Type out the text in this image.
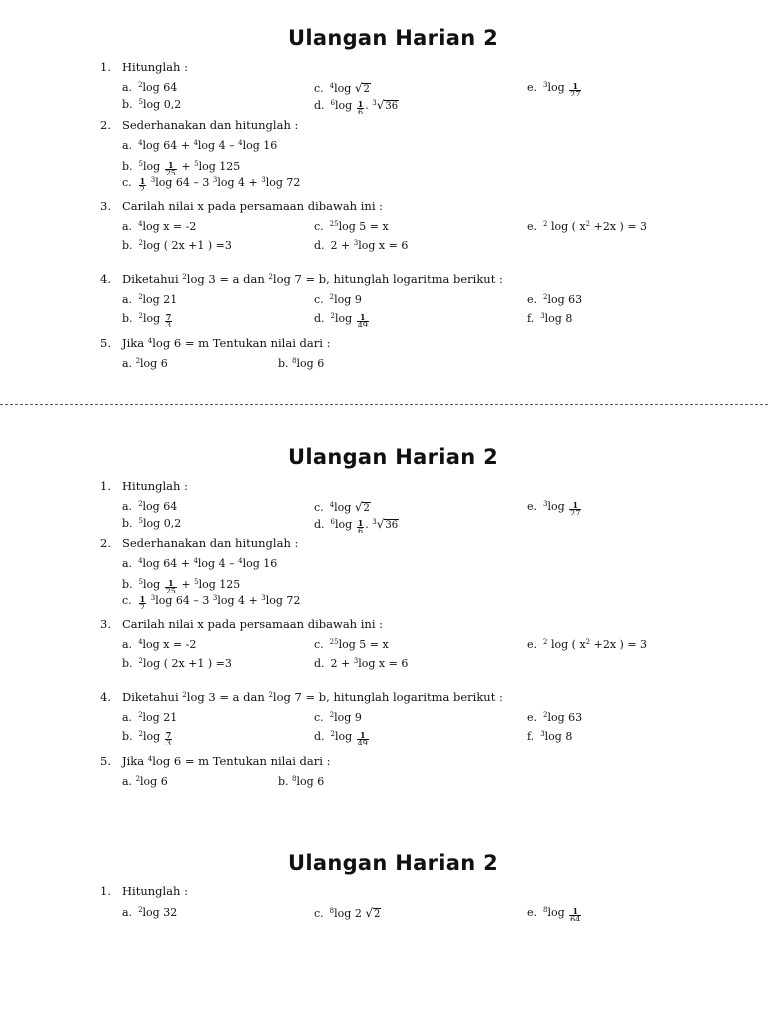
Ulangan Harian 2
1. Hitunglah :
a. $^2$log 64	c. $^4$log √2	e. $^3\log \frac{1}{27}$
b. $^5$log 0,2	d. $^6\log \frac{1}{6}$ . $^3$√36
2. Sederhanakan dan hitunglah :
a. $^4$log 64 + $^4$log 4 – $^4$log 16
b. $^5\log \frac{1}{25} + ^5\log$ 125
c. $\frac{1}{2} ^3\log$ 64 – 3 $^3$log 4 + $^3$log 72
3. Carilah nilai x pada persamaan dibawah ini :
a. $^4$log x = -2	c. $^{25}$log 5 = x	e. $^2$ log ( $x^2 +2x$ ) = 3
b. $^2$log ( 2x +1 ) =3	d. 2 + $^3$log x = 6
4. Diketahui $^2$log 3 = a dan $^2$log 7 = b, hitunglah logaritma berikut :
a. $^2$log 21	c. $^2$log 9	e. $^2$log 63
b. $^2\log \frac{7}{3}$	d. $^2\log \frac{1}{49}$	f. $^3$log 8
5. Jika $^4$log 6 = m Tentukan nilai dari :
a. $^2$log 6	b. $^8$log 6
Ulangan Harian 2
1. Hitunglah :
a. $^2$log 64	c. $^4$log √2	e. $^3\log \frac{1}{27}$
b. $^5$log 0,2	d. $^6\log \frac{1}{6}$ . $^3$√36
2. Sederhanakan dan hitunglah :
a. $^4$log 64 + $^4$log 4 – $^4$log 16
b. $^5\log \frac{1}{25} + ^5\log$ 125
c. $\frac{1}{2} ^3\log$ 64 – 3 $^3$log 4 + $^3$log 72
3. Carilah nilai x pada persamaan dibawah ini :
a. $^4$log x = -2	c. $^{25}$log 5 = x	e. $^2$ log ( $x^2 +2x$ ) = 3
b. $^2$log ( 2x +1 ) =3	d. 2 + $^3$log x = 6
4. Diketahui $^2$log 3 = a dan $^2$log 7 = b, hitunglah logaritma berikut :
a. $^2$log 21	c. $^2$log 9	e. $^2$log 63
b. $^2\log \frac{7}{3}$	d. $^2\log \frac{1}{49}$	f. $^3$log 8
5. Jika $^4$log 6 = m Tentukan nilai dari :
a. $^2$log 6	b. $^8$log 6
Ulangan Harian 2
1. Hitunglah :
a. $^2$log 32	c. $^8$log 2 √2	e. $^8\log \frac{1}{64}$
